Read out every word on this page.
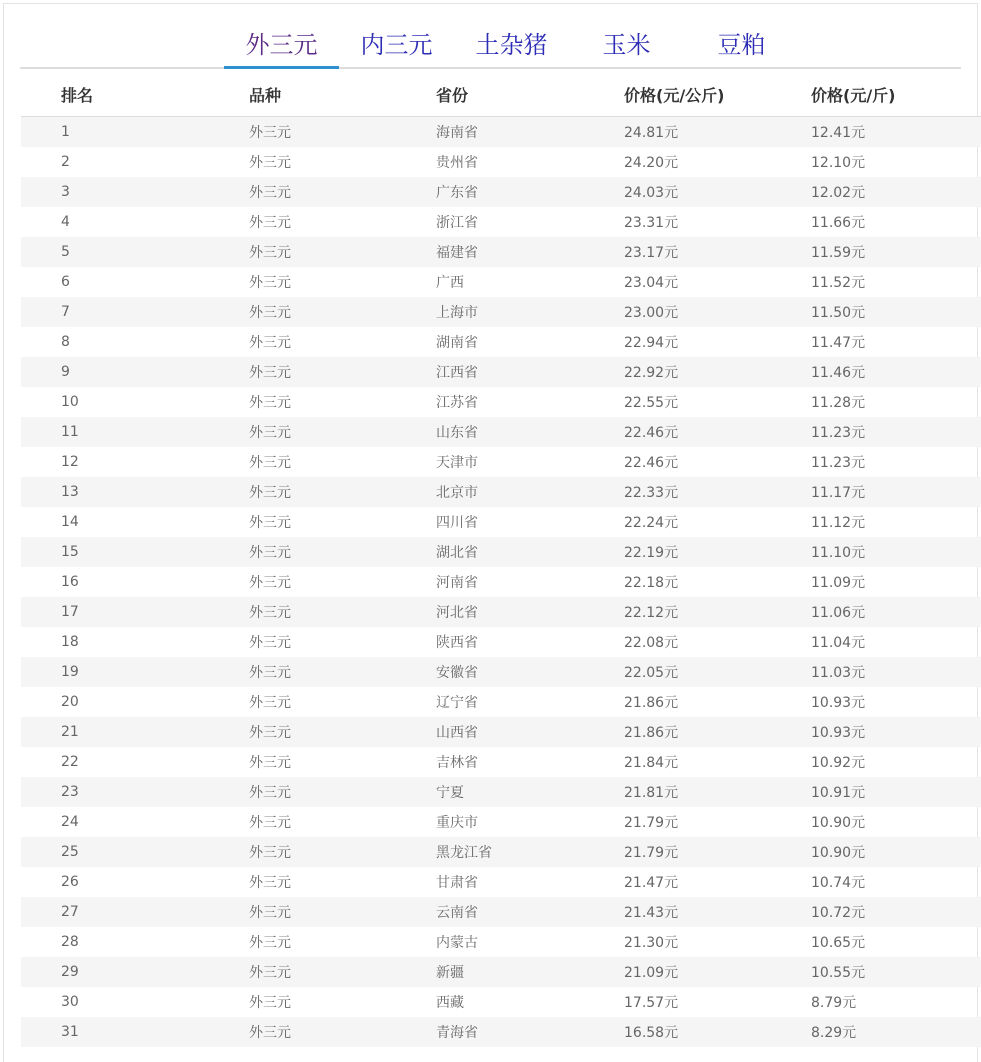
外三元	内三元	土杂猪	玉米	豆粕
排名	品种	省份	价格(元/公斤)	价格(元/斤)
1	外三元	海南省	24.81元	12.41元
2	外三元	贵州省	24.20元	12.10元
3	外三元	广东省	24.03元	12.02元
4	外三元	浙江省	23.31元	11.66元
5	外三元	福建省	23.17元	11.59元
6	外三元	广西	23.04元	11.52元
7	外三元	上海市	23.00元	11.50元
8	外三元	湖南省	22.94元	11.47元
9	外三元	江西省	22.92元	11.46元
10	外三元	江苏省	22.55元	11.28元
11	外三元	山东省	22.46元	11.23元
12	外三元	天津市	22.46元	11.23元
13	外三元	北京市	22.33元	11.17元
14	外三元	四川省	22.24元	11.12元
15	外三元	湖北省	22.19元	11.10元
16	外三元	河南省	22.18元	11.09元
17	外三元	河北省	22.12元	11.06元
18	外三元	陕西省	22.08元	11.04元
19	外三元	安徽省	22.05元	11.03元
20	外三元	辽宁省	21.86元	10.93元
21	外三元	山西省	21.86元	10.93元
22	外三元	吉林省	21.84元	10.92元
23	外三元	宁夏	21.81元	10.91元
24	外三元	重庆市	21.79元	10.90元
25	外三元	黑龙江省	21.79元	10.90元
26	外三元	甘肃省	21.47元	10.74元
27	外三元	云南省	21.43元	10.72元
28	外三元	内蒙古	21.30元	10.65元
29	外三元	新疆	21.09元	10.55元
30	外三元	西藏	17.57元	8.79元
31	外三元	青海省	16.58元	8.29元
